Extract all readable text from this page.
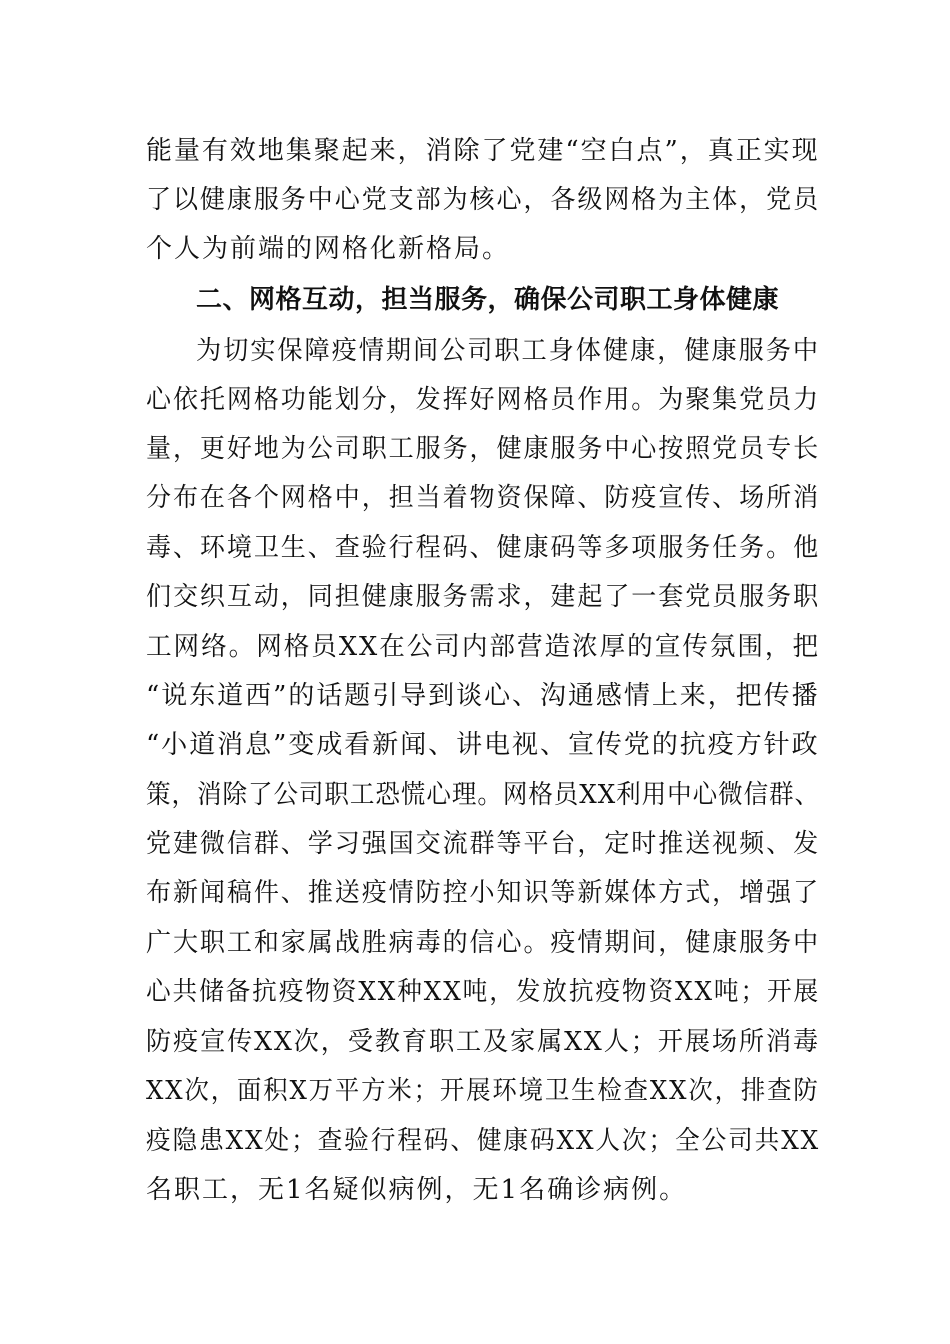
能量有效地集聚起来，消除了党建“空白点”，真正实现
了以健康服务中心党支部为核心，各级网格为主体，党员
个人为前端的网格化新格局。
二、网格互动，担当服务，确保公司职工身体健康
为切实保障疫情期间公司职工身体健康，健康服务中
心依托网格功能划分，发挥好网格员作用。为聚集党员力
量，更好地为公司职工服务，健康服务中心按照党员专长
分布在各个网格中，担当着物资保障、防疫宣传、场所消
毒、环境卫生、查验行程码、健康码等多项服务任务。他
们交织互动，同担健康服务需求，建起了一套党员服务职
工网络。网格员XX在公司内部营造浓厚的宣传氛围，把
“说东道西”的话题引导到谈心、沟通感情上来，把传播
“小道消息”变成看新闻、讲电视、宣传党的抗疫方针政
策，消除了公司职工恐慌心理。网格员XX利用中心微信群、
党建微信群、学习强国交流群等平台，定时推送视频、发
布新闻稿件、推送疫情防控小知识等新媒体方式，增强了
广大职工和家属战胜病毒的信心。疫情期间，健康服务中
心共储备抗疫物资XX种XX吨，发放抗疫物资XX吨；开展
防疫宣传XX次，受教育职工及家属XX人；开展场所消毒
XX次，面积X万平方米；开展环境卫生检查XX次，排查防
疫隐患XX处；查验行程码、健康码XX人次；全公司共XX
名职工，无1名疑似病例，无1名确诊病例。
